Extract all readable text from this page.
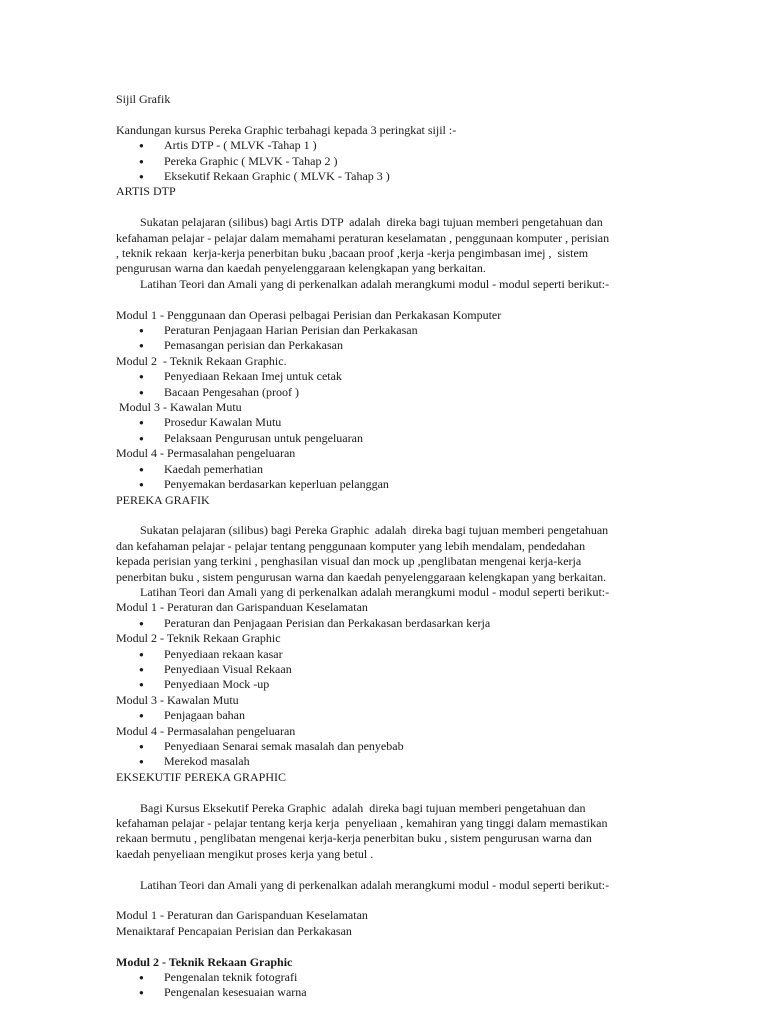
Sijil Grafik

Kandungan kursus Pereka Graphic terbahagi kepada 3 peringkat sijil :-

● Artis DTP - ( MLVK -Tahap 1 )
● Pereka Graphic ( MLVK - Tahap 2 )
● Eksekutif Rekaan Graphic ( MLVK - Tahap 3 )

ARTIS DTP

Sukatan pelajaran (silibus) bagi Artis DTP  adalah  direka bagi tujuan memberi pengetahuan dan

kefahaman pelajar - pelajar dalam memahami peraturan keselamatan , penggunaan komputer , perisian

, teknik rekaan  kerja-kerja penerbitan buku ,bacaan proof ,kerja -kerja pengimbasan imej ,  sistem

pengurusan warna dan kaedah penyelenggaraan kelengkapan yang berkaitan.

Latihan Teori dan Amali yang di perkenalkan adalah merangkumi modul - modul seperti berikut:-

Modul 1 - Penggunaan dan Operasi pelbagai Perisian dan Perkakasan Komputer

● Peraturan Penjagaan Harian Perisian dan Perkakasan
● Pemasangan perisian dan Perkakasan

Modul 2  - Teknik Rekaan Graphic.

● Penyediaan Rekaan Imej untuk cetak
● Bacaan Pengesahan (proof )

Modul 3 - Kawalan Mutu

● Prosedur Kawalan Mutu
● Pelaksaan Pengurusan untuk pengeluaran

Modul 4 - Permasalahan pengeluaran

● Kaedah pemerhatian
● Penyemakan berdasarkan keperluan pelanggan

PEREKA GRAFIK

Sukatan pelajaran (silibus) bagi Pereka Graphic  adalah  direka bagi tujuan memberi pengetahuan

dan kefahaman pelajar - pelajar tentang penggunaan komputer yang lebih mendalam, pendedahan

kepada perisian yang terkini , penghasilan visual dan mock up ,penglibatan mengenai kerja-kerja

penerbitan buku , sistem pengurusan warna dan kaedah penyelenggaraan kelengkapan yang berkaitan.

Latihan Teori dan Amali yang di perkenalkan adalah merangkumi modul - modul seperti berikut:-

Modul 1 - Peraturan dan Garispanduan Keselamatan

● Peraturan dan Penjagaan Perisian dan Perkakasan berdasarkan kerja

Modul 2 - Teknik Rekaan Graphic

● Penyediaan rekaan kasar
● Penyediaan Visual Rekaan
● Penyediaan Mock -up

Modul 3 - Kawalan Mutu

● Penjagaan bahan

Modul 4 - Permasalahan pengeluaran

● Penyediaan Senarai semak masalah dan penyebab
● Merekod masalah

EKSEKUTIF PEREKA GRAPHIC

Bagi Kursus Eksekutif Pereka Graphic  adalah  direka bagi tujuan memberi pengetahuan dan

kefahaman pelajar - pelajar tentang kerja kerja  penyeliaan , kemahiran yang tinggi dalam memastikan

rekaan bermutu , penglibatan mengenai kerja-kerja penerbitan buku , sistem pengurusan warna dan

kaedah penyeliaan mengikut proses kerja yang betul .

Latihan Teori dan Amali yang di perkenalkan adalah merangkumi modul - modul seperti berikut:-

Modul 1 - Peraturan dan Garispanduan Keselamatan

Menaiktaraf Pencapaian Perisian dan Perkakasan

Modul 2 - Teknik Rekaan Graphic

● Pengenalan teknik fotografi
● Pengenalan kesesuaian warna
